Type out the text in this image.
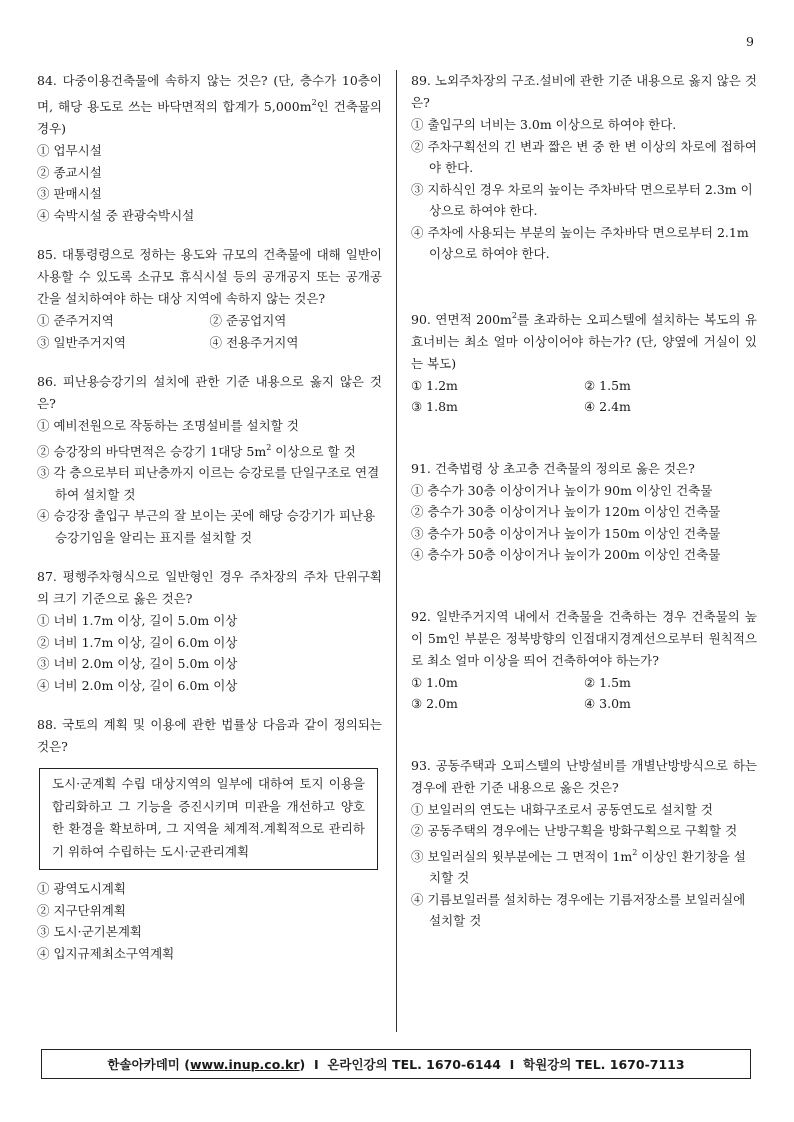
9

84. 다중이용건축물에 속하지 않는 것은? (단, 층수가 10층이며, 해당 용도로 쓰는 바닥면적의 합계가 $5,000m^2$인 건축물의 경우)

① 업무시설

② 종교시설

③ 판매시설

④ 숙박시설 중 관광숙박시설

85. 대통령령으로 정하는 용도와 규모의 건축물에 대해 일반이 사용할 수 있도록 소규모 휴식시설 등의 공개공지 또는 공개공간을 설치하여야 하는 대상 지역에 속하지 않는 것은?

① 준주거지역	② 준공업지역
③ 일반주거지역	④ 전용주거지역

86. 피난용승강기의 설치에 관한 기준 내용으로 옳지 않은 것은?

① 예비전원으로 작동하는 조명설비를 설치할 것

② 승강장의 바닥면적은 승강기 1대당 $5m^2$ 이상으로 할 것

③ 각 층으로부터 피난층까지 이르는 승강로를 단일구조로 연결하여 설치할 것

④ 승강장 출입구 부근의 잘 보이는 곳에 해당 승강기가 피난용승강기임을 알리는 표지를 설치할 것

87. 평행주차형식으로 일반형인 경우 주차장의 주차 단위구획의 크기 기준으로 옳은 것은?

① 너비 1.7m 이상, 길이 5.0m 이상

② 너비 1.7m 이상, 길이 6.0m 이상

③ 너비 2.0m 이상, 길이 5.0m 이상

④ 너비 2.0m 이상, 길이 6.0m 이상

88. 국토의 계획 및 이용에 관한 법률상 다음과 같이 정의되는 것은?

도시·군계획 수립 대상지역의 일부에 대하여 토지 이용을 합리화하고 그 기능을 증진시키며 미관을 개선하고 양호한 환경을 확보하며, 그 지역을 체계적.계획적으로 관리하기 위하여 수립하는 도시·군관리계획

① 광역도시계획

② 지구단위계획

③ 도시·군기본계획

④ 입지규제최소구역계획

89. 노외주차장의 구조.설비에 관한 기준 내용으로 옳지 않은 것은?

① 출입구의 너비는 3.0m 이상으로 하여야 한다.

② 주차구획선의 긴 변과 짧은 변 중 한 변 이상의 차로에 접하여야 한다.

③ 지하식인 경우 차로의 높이는 주차바닥 면으로부터 2.3m 이상으로 하여야 한다.

④ 주차에 사용되는 부분의 높이는 주차바닥 면으로부터 2.1m 이상으로 하여야 한다.

90. 연면적 $200m^2$를 초과하는 오피스텔에 설치하는 복도의 유효너비는 최소 얼마 이상이어야 하는가? (단, 양옆에 거실이 있는 복도)

① 1.2m	② 1.5m
③ 1.8m	④ 2.4m

91. 건축법령 상 초고층 건축물의 정의로 옳은 것은?

① 층수가 30층 이상이거나 높이가 90m 이상인 건축물

② 층수가 30층 이상이거나 높이가 120m 이상인 건축물

③ 층수가 50층 이상이거나 높이가 150m 이상인 건축물

④ 층수가 50층 이상이거나 높이가 200m 이상인 건축물

92. 일반주거지역 내에서 건축물을 건축하는 경우 건축물의 높이 5m인 부분은 정북방향의 인접대지경계선으로부터 원칙적으로 최소 얼마 이상을 띄어 건축하여야 하는가?

① 1.0m	② 1.5m
③ 2.0m	④ 3.0m

93. 공동주택과 오피스텔의 난방설비를 개별난방방식으로 하는 경우에 관한 기준 내용으로 옳은 것은?

① 보일러의 연도는 내화구조로서 공동연도로 설치할 것

② 공동주택의 경우에는 난방구획을 방화구획으로 구획할 것

③ 보일러실의 윗부분에는 그 면적이 $1m^2$ 이상인 환기창을 설치할 것

④ 기름보일러를 설치하는 경우에는 기름저장소를 보일러실에 설치할 것

한솔아카데미 ( www.inup.co.kr )  I  온라인강의 TEL. 1670-6144  I  학원강의 TEL. 1670-7113
